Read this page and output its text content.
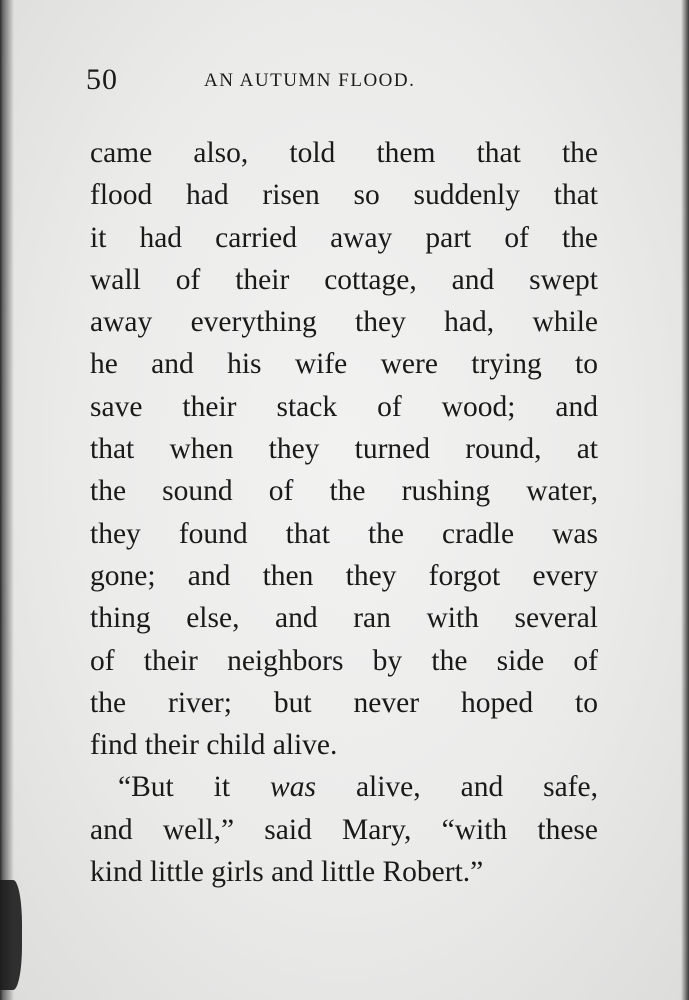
50	AN AUTUMN FLOOD.
came also, told them that the
flood had risen so suddenly that
it had carried away part of the
wall of their cottage, and swept
away everything they had, while
he and his wife were trying to
save their stack of wood; and
that when they turned round, at
the sound of the rushing water,
they found that the cradle was
gone; and then they forgot every
thing else, and ran with several
of their neighbors by the side of
the river; but never hoped to
find their child alive.
“But it was alive, and safe,
and well,” said Mary, “with these
kind little girls and little Robert.”
